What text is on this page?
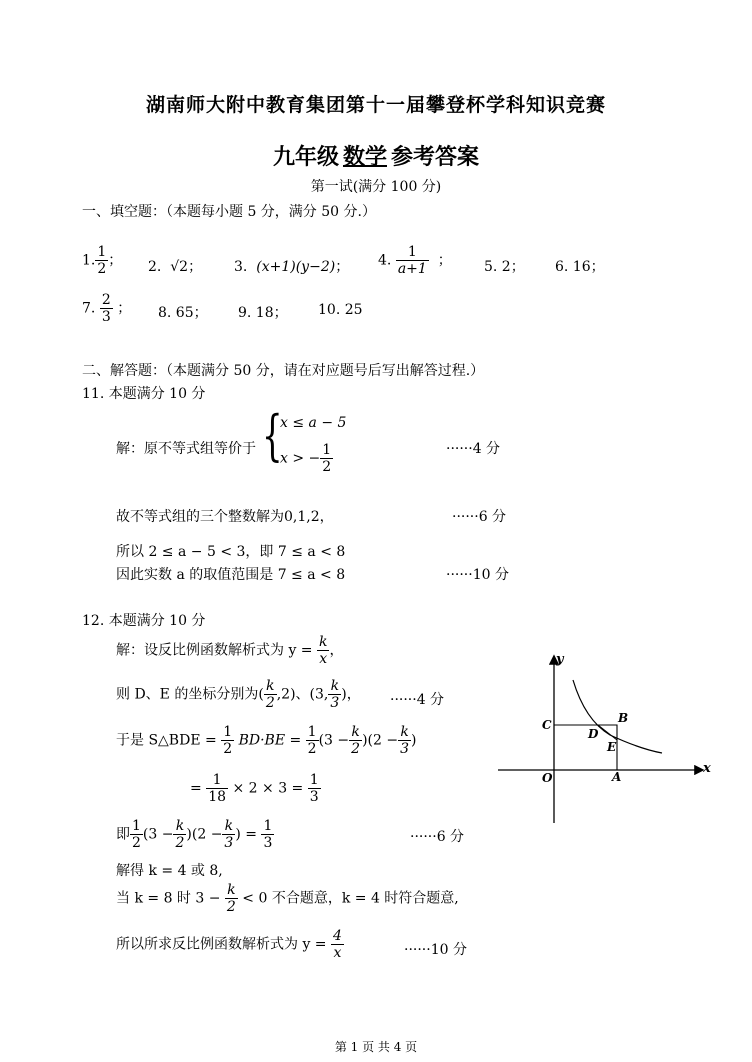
湖南师大附中教育集团第十一届攀登杯学科知识竞赛
九年级 数学 参考答案
第一试(满分 100 分)
一、填空题：（本题每小题 5 分，满分 50 分.）
1. $\frac{1}{2}$ ； 2. √2； 3. (x+1)(y−2)； 4. $\frac{1}{a+1}$ ； 5. 2； 6. 16；
7. $\frac{2}{3}$ ； 8. 65； 9. 18； 10. 25
二、解答题：（本题满分 50 分，请在对应题号后写出解答过程.）
11. 本题满分 10 分
解：原不等式组等价于 {
x ≤ a − 5
x > − $\frac{1}{2}$	······4 分
故不等式组的三个整数解为0,1,2，	······6 分
所以 2 ≤ a − 5 < 3，即 7 ≤ a < 8
因此实数 a 的取值范围是 7 ≤ a < 8	······10 分
12. 本题满分 10 分
解：设反比例函数解析式为 $y = \frac{k}{x}$ ，
则 D、E 的坐标分别为( $\frac{k}{2} ,2$)、(3, $\frac{k}{3}$ )， ······4 分
于是 S△BDE = $\frac{1}{2} BD\cdot BE = \frac{1}{2} (3 - \frac{k}{2} )(2 - \frac{k}{3}$ )
= $\frac{1}{18} \times 2 \times 3 = \frac{1}{3}$
即 $\frac{1}{2} (3 - \frac{k}{2} )(2 - \frac{k}{3}$ ) = $\frac{1}{3}$	······6 分
解得 k = 4 或 8,
当 k = 8 时 $3 - \frac{k}{2} < 0$ 不合题意，k = 4 时符合题意,
所以所求反比例函数解析式为 $y = \frac{4}{x}$	······10 分
y
x
O	A
B
C
D
E
第 1 页 共 4 页
